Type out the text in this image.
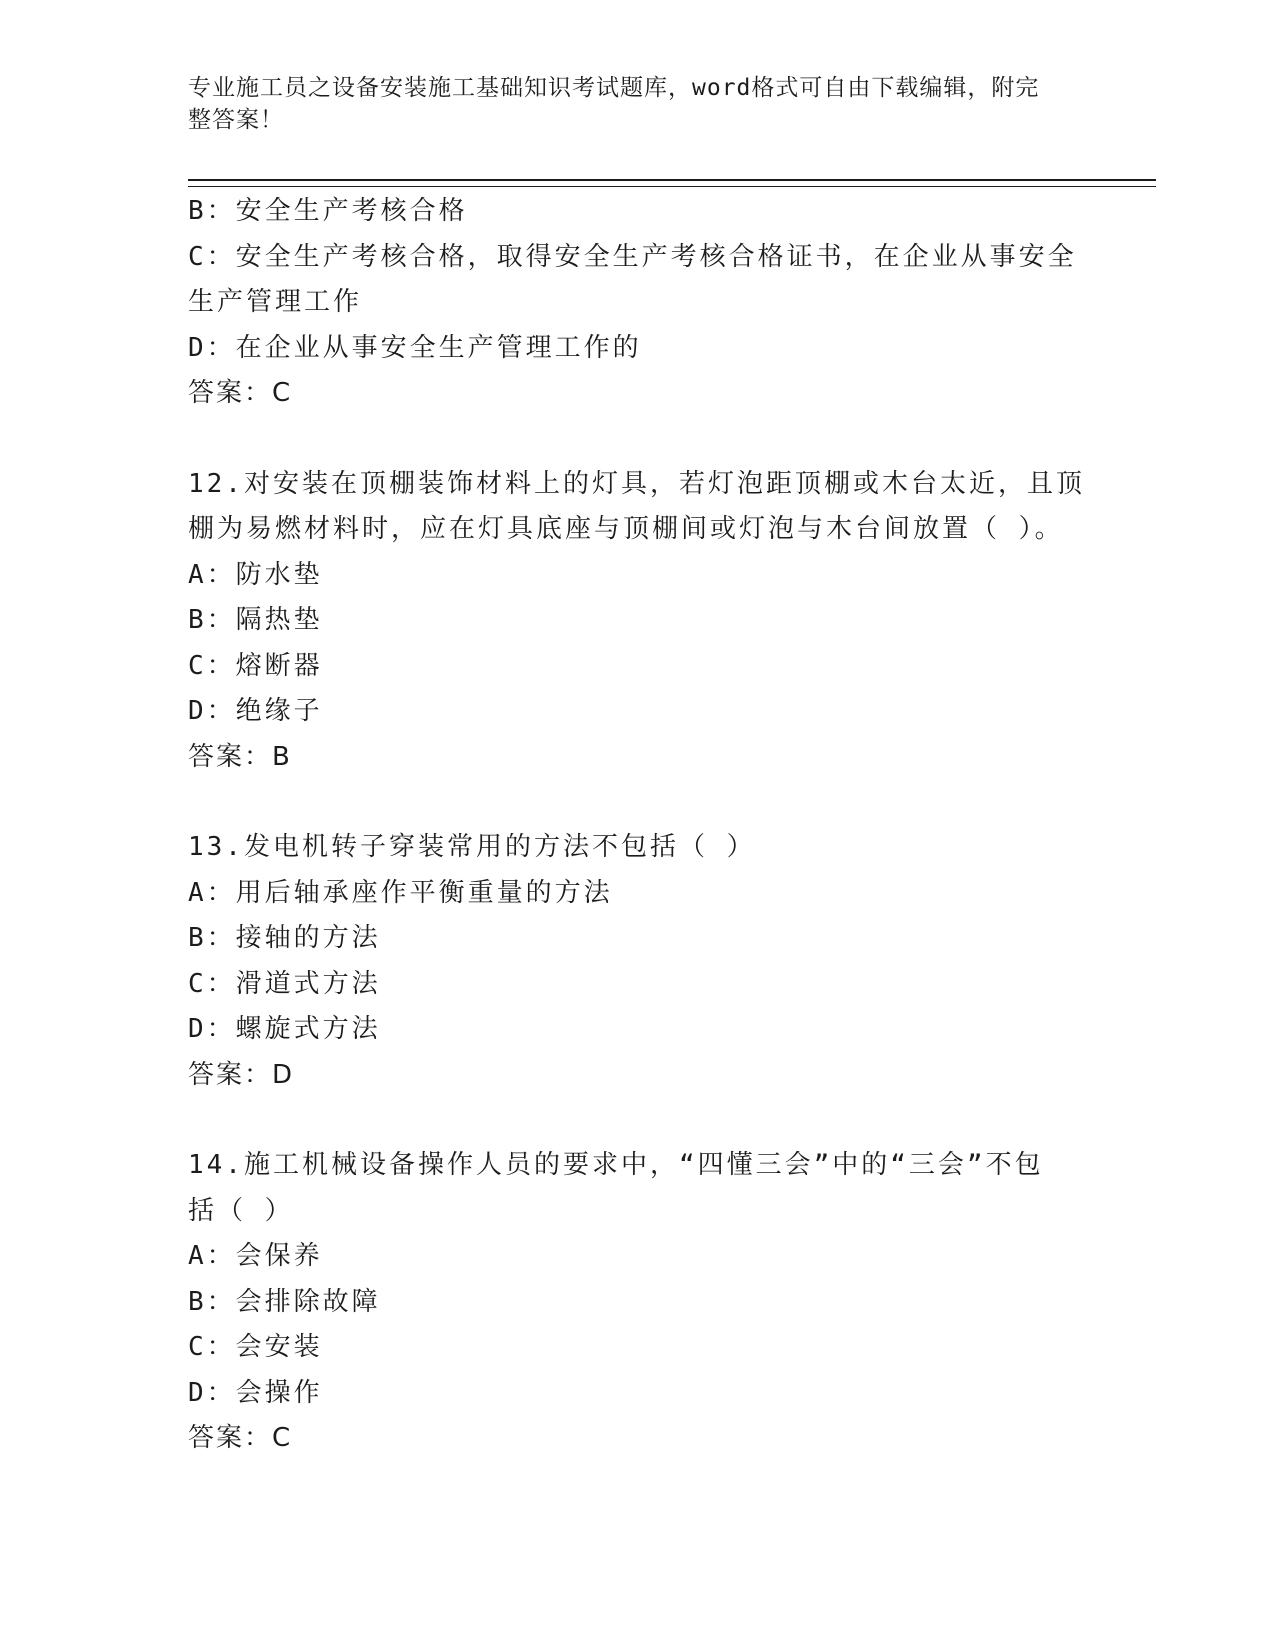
专业施工员之设备安装施工基础知识考试题库，word格式可自由下载编辑，附完
整答案！
B：安全生产考核合格
C：安全生产考核合格，取得安全生产考核合格证书，在企业从事安全
生产管理工作
D：在企业从事安全生产管理工作的
答案：C
12.对安装在顶棚装饰材料上的灯具，若灯泡距顶棚或木台太近，且顶
棚为易燃材料时，应在灯具底座与顶棚间或灯泡与木台间放置（ ）。
A：防水垫
B：隔热垫
C：熔断器
D：绝缘子
答案：B
13.发电机转子穿装常用的方法不包括（ ）
A：用后轴承座作平衡重量的方法
B：接轴的方法
C：滑道式方法
D：螺旋式方法
答案：D
14.施工机械设备操作人员的要求中，“四懂三会”中的“三会”不包
括（ ）
A：会保养
B：会排除故障
C：会安装
D：会操作
答案：C
